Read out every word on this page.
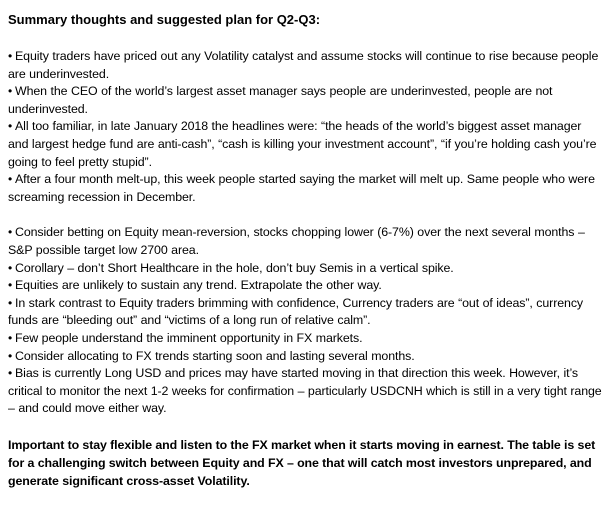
Summary thoughts and suggested plan for Q2-Q3:
• Equity traders have priced out any Volatility catalyst and assume stocks will continue to rise because people are underinvested.
• When the CEO of the world’s largest asset manager says people are underinvested, people are not underinvested.
• All too familiar, in late January 2018 the headlines were: “the heads of the world’s biggest asset manager and largest hedge fund are anti-cash”, “cash is killing your investment account”, “if you’re holding cash you’re going to feel pretty stupid”.
• After a four month melt-up, this week people started saying the market will melt up. Same people who were screaming recession in December.
• Consider betting on Equity mean-reversion, stocks chopping lower (6-7%) over the next several months – S&P possible target low 2700 area.
• Corollary – don’t Short Healthcare in the hole, don’t buy Semis in a vertical spike.
• Equities are unlikely to sustain any trend. Extrapolate the other way.
• In stark contrast to Equity traders brimming with confidence, Currency traders are “out of ideas”, currency funds are “bleeding out” and “victims of a long run of relative calm”.
• Few people understand the imminent opportunity in FX markets.
• Consider allocating to FX trends starting soon and lasting several months.
• Bias is currently Long USD and prices may have started moving in that direction this week. However, it’s critical to monitor the next 1-2 weeks for confirmation – particularly USDCNH which is still in a very tight range – and could move either way.
Important to stay flexible and listen to the FX market when it starts moving in earnest. The table is set for a challenging switch between Equity and FX – one that will catch most investors unprepared, and generate significant cross-asset Volatility.
